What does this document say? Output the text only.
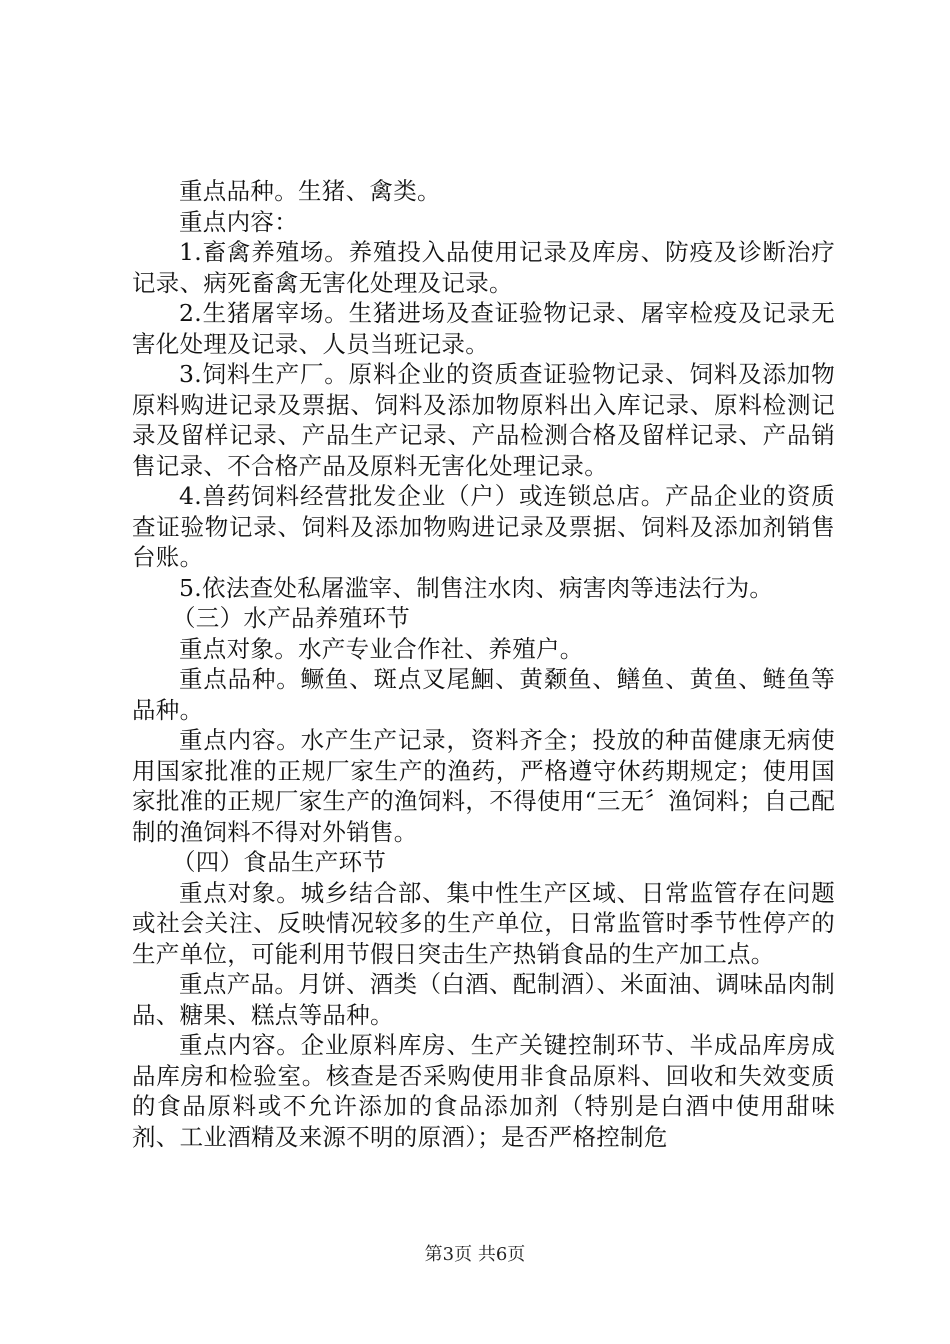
重点品种。生猪、禽类。

重点内容：

1.畜禽养殖场。养殖投入品使用记录及库房、防疫及诊断治疗记录、病死畜禽无害化处理及记录。

2.生猪屠宰场。生猪进场及查证验物记录、屠宰检疫及记录无害化处理及记录、人员当班记录。

3.饲料生产厂。原料企业的资质查证验物记录、饲料及添加物原料购进记录及票据、饲料及添加物原料出入库记录、原料检测记录及留样记录、产品生产记录、产品检测合格及留样记录、产品销售记录、不合格产品及原料无害化处理记录。

4.兽药饲料经营批发企业（户）或连锁总店。产品企业的资质查证验物记录、饲料及添加物购进记录及票据、饲料及添加剂销售台账。

5.依法查处私屠滥宰、制售注水肉、病害肉等违法行为。

（三）水产品养殖环节

重点对象。水产专业合作社、养殖户。

重点品种。鳜鱼、斑点叉尾鮰、黄颡鱼、鳝鱼、黄鱼、鲢鱼等品种。

重点内容。水产生产记录，资料齐全；投放的种苗健康无病使用国家批准的正规厂家生产的渔药，严格遵守休药期规定；使用国家批准的正规厂家生产的渔饲料，不得使用“三无〞渔饲料；自己配制的渔饲料不得对外销售。

（四）食品生产环节

重点对象。城乡结合部、集中性生产区域、日常监管存在问题或社会关注、反映情况较多的生产单位，日常监管时季节性停产的生产单位，可能利用节假日突击生产热销食品的生产加工点。

重点产品。月饼、酒类（白酒、配制酒）、米面油、调味品肉制品、糖果、糕点等品种。

重点内容。企业原料库房、生产关键控制环节、半成品库房成品库房和检验室。核查是否采购使用非食品原料、回收和失效变质的食品原料或不允许添加的食品添加剂（特别是白酒中使用甜味剂、工业酒精及来源不明的原酒）；是否严格控制危

第3页 共6页
